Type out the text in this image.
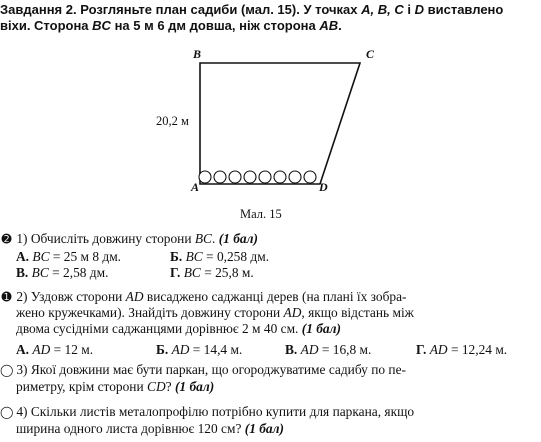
Завдання 2. Розгляньте план садиби (мал. 15). У точках A, B, C і D виставлено
віхи. Сторона BC на 5 м 6 дм довша, ніж сторона AB.
B	C
A	D
20,2 м
Мал. 15
➋ 1) Обчисліть довжину сторони BC. (1 бал)
А. BC = 25 м 8 дм.	Б. BC = 0,258 дм.
В. BC = 2,58 дм.	Г. BC = 25,8 м.
➊ 2) Уздовж сторони AD висаджено саджанці дерев (на плані їх зобра-
жено кружечками). Знайдіть довжину сторони AD, якщо відстань між
двома сусідніми саджанцями дорівнює 2 м 40 см. (1 бал)
А. AD = 12 м.	Б. AD = 14,4 м.	В. AD = 16,8 м.	Г. AD = 12,24 м.
◯ 3) Якої довжини має бути паркан, що огороджуватиме садибу по пе-
риметру, крім сторони CD? (1 бал)
◯ 4) Скільки листів металопрофілю потрібно купити для паркана, якщо
ширина одного листа дорівнює 120 см? (1 бал)
